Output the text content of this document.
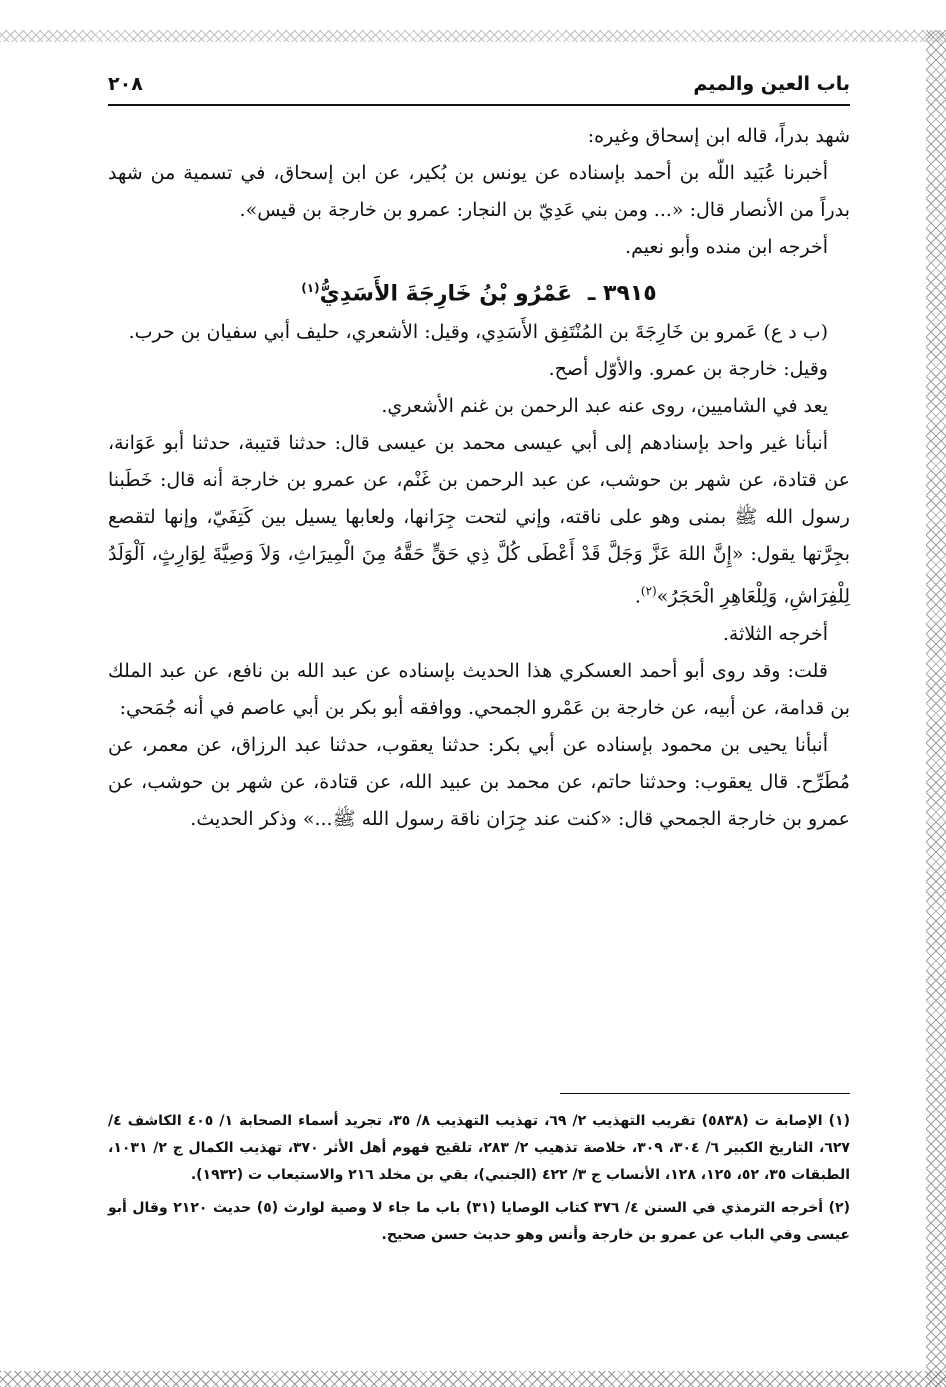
باب العين والميم
٢٠٨

شهد بدراً، قاله ابن إسحاق وغيره:

أخبرنا عُبَيد اللّه بن أحمد بإسناده عن يونس بن بُكير، عن ابن إسحاق، في تسمية من شهد بدراً من الأنصار قال: «... ومن بني عَدِيّ بن النجار: عمرو بن خارجة بن قيس».

أخرجه ابن منده وأبو نعيم.

٣٩١٥ ـ عَمْرُو بْنُ خَارِجَةَ الأَسَدِيُّ$^{(١)}$

(ب د ع) عَمرو بن خَارِجَةَ بن المُنْتَفِق الأَسَدِي، وقيل: الأشعري، حليف أبي سفيان بن حرب.

وقيل: خارجة بن عمرو. والأوّل أصح.

يعد في الشاميين، روى عنه عبد الرحمن بن غنم الأشعري.

أنبأنا غير واحد بإسنادهم إلى أبي عيسى محمد بن عيسى قال: حدثنا قتيبة، حدثنا أبو عَوَانة، عن قتادة، عن شهر بن حوشب، عن عبد الرحمن بن غَنْم، عن عمرو بن خارجة أنه قال: خَطَبنا رسول الله ﷺ بمنى وهو على ناقته، وإني لتحت جِرَانها، ولعابها يسيل بين كَتِفَيّ، وإنها لتقصع بجِرَّتها يقول: «إِنَّ اللهَ عَزَّ وَجَلَّ قَدْ أَعْطَى كُلَّ ذِي حَقٍّ حَقَّهُ مِنَ الْمِيرَاثِ، وَلاَ وَصِيَّةَ لِوَارِثٍ، اَلْوَلَدُ لِلْفِرَاشِ، وَلِلْعَاهِرِ الْحَجَرُ»$^{(٢)}$.

أخرجه الثلاثة.

قلت: وقد روى أبو أحمد العسكري هذا الحديث بإسناده عن عبد الله بن نافع، عن عبد الملك بن قدامة، عن أبيه، عن خارجة بن عَمْرو الجمحي. ووافقه أبو بكر بن أبي عاصم في أنه جُمَحي:

أنبأنا يحيى بن محمود بإسناده عن أبي بكر: حدثنا يعقوب، حدثنا عبد الرزاق، عن معمر، عن مُطَرِّح. قال يعقوب: وحدثنا حاتم، عن محمد بن عبيد الله، عن قتادة، عن شهر بن حوشب، عن عمرو بن خارجة الجمحي قال: «كنت عند جِرَان ناقة رسول الله ﷺ...» وذكر الحديث.

(١) الإصابة ت (٥٨٣٨) تقريب التهذيب ٢/ ٦٩، تهذيب التهذيب ٨/ ٣٥، تجريد أسماء الصحابة ١/ ٤٠٥ الكاشف ٤/ ٦٢٧، التاريخ الكبير ٦/ ٣٠٤، ٣٠٩، خلاصة تذهيب ٢/ ٢٨٣، تلقيح فهوم أهل الأثر ٣٧٠، تهذيب الكمال ج ٢/ ١٠٣١، الطبقات ٣٥، ٥٢، ١٢٥، ١٢٨، الأنساب ج ٣/ ٤٢٢ (الجنبي)، بقي بن مخلد ٢١٦ والاستيعاب ت (١٩٣٢).

(٢) أخرجه الترمذي في السنن ٤/ ٣٧٦ كتاب الوصايا (٣١) باب ما جاء لا وصية لوارث (٥) حديث ٢١٢٠ وقال أبو عيسى وفي الباب عن عمرو بن خارجة وأنس وهو حديث حسن صحيح.
